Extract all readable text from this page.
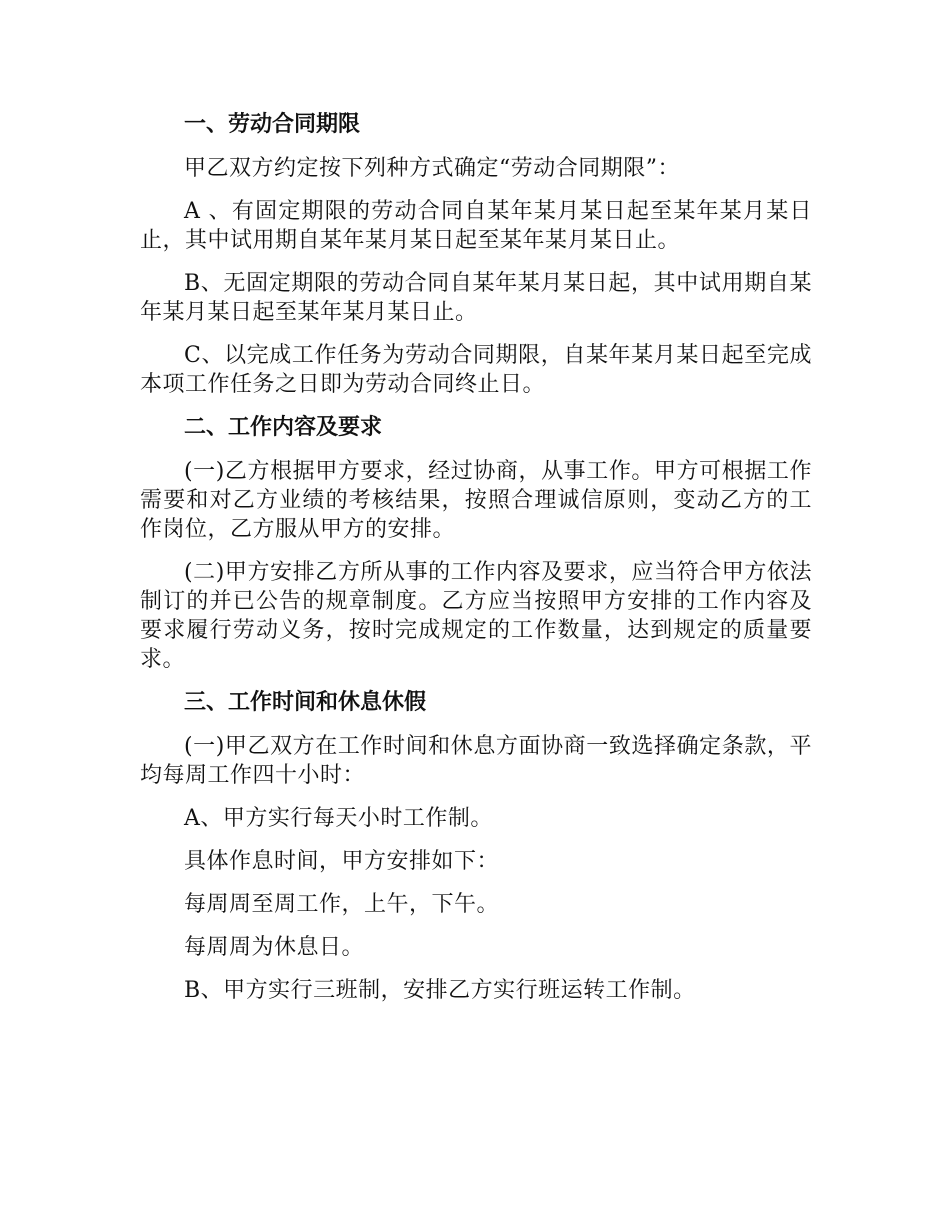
一、劳动合同期限

甲乙双方约定按下列种方式确定“劳动合同期限”：

A 、有固定期限的劳动合同自某年某月某日起至某年某月某日止，其中试用期自某年某月某日起至某年某月某日止。

B、无固定期限的劳动合同自某年某月某日起，其中试用期自某年某月某日起至某年某月某日止。

C、以完成工作任务为劳动合同期限，自某年某月某日起至完成本项工作任务之日即为劳动合同终止日。

二、工作内容及要求

(一)乙方根据甲方要求，经过协商，从事工作。甲方可根据工作需要和对乙方业绩的考核结果，按照合理诚信原则，变动乙方的工作岗位，乙方服从甲方的安排。

(二)甲方安排乙方所从事的工作内容及要求，应当符合甲方依法制订的并已公告的规章制度。乙方应当按照甲方安排的工作内容及要求履行劳动义务，按时完成规定的工作数量，达到规定的质量要求。

三、工作时间和休息休假

(一)甲乙双方在工作时间和休息方面协商一致选择确定条款，平均每周工作四十小时：

A、甲方实行每天小时工作制。

具体作息时间，甲方安排如下：

每周周至周工作，上午，下午。

每周周为休息日。

B、甲方实行三班制，安排乙方实行班运转工作制。
